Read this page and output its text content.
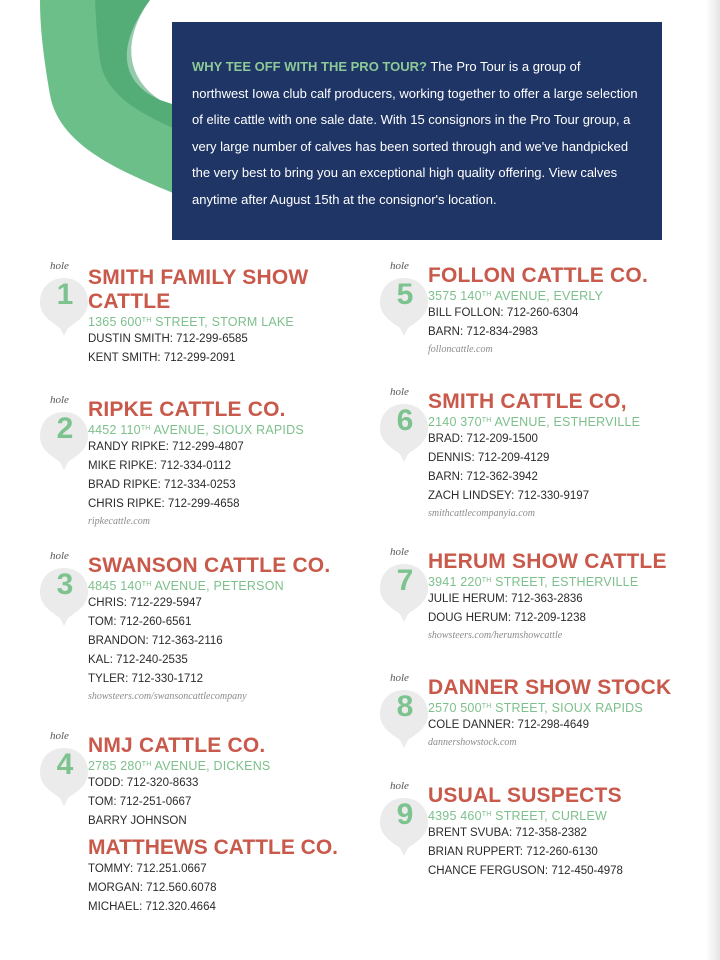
WHY TEE OFF WITH THE PRO TOUR? The Pro Tour is a group of northwest Iowa club calf producers, working together to offer a large selection of elite cattle with one sale date. With 15 consignors in the Pro Tour group, a very large number of calves has been sorted through and we've handpicked the very best to bring you an exceptional high quality offering. View calves anytime after August 15th at the consignor's location.
hole
1
SMITH FAMILY SHOW
CATTLE
1365 600TH STREET, STORM LAKE
DUSTIN SMITH: 712-299-6585
KENT SMITH: 712-299-2091
hole
2
RIPKE CATTLE CO.
4452 110TH AVENUE, SIOUX RAPIDS
RANDY RIPKE: 712-299-4807
MIKE RIPKE: 712-334-0112
BRAD RIPKE: 712-334-0253
CHRIS RIPKE: 712-299-4658
ripkecattle.com
hole
3
SWANSON CATTLE CO.
4845 140TH AVENUE, PETERSON
CHRIS: 712-229-5947
TOM: 712-260-6561
BRANDON: 712-363-2116
KAL: 712-240-2535
TYLER: 712-330-1712
showsteers.com/swansoncattlecompany
hole
4
NMJ CATTLE CO.
2785 280TH AVENUE, DICKENS
TODD: 712-320-8633
TOM: 712-251-0667
BARRY JOHNSON
MATTHEWS CATTLE CO.
TOMMY: 712.251.0667
MORGAN: 712.560.6078
MICHAEL: 712.320.4664
hole
5
FOLLON CATTLE CO.
3575 140TH AVENUE, EVERLY
BILL FOLLON: 712-260-6304
BARN: 712-834-2983
folloncattle.com
hole
6
SMITH CATTLE CO,
2140 370TH AVENUE, ESTHERVILLE
BRAD: 712-209-1500
DENNIS: 712-209-4129
BARN: 712-362-3942
ZACH LINDSEY: 712-330-9197
smithcattlecompanyia.com
hole
7
HERUM SHOW CATTLE
3941 220TH STREET, ESTHERVILLE
JULIE HERUM: 712-363-2836
DOUG HERUM: 712-209-1238
showsteers.com/herumshowcattle
hole
8
DANNER SHOW STOCK
2570 500TH STREET, SIOUX RAPIDS
COLE DANNER: 712-298-4649
dannershowstock.com
hole
9
USUAL SUSPECTS
4395 460TH STREET, CURLEW
BRENT SVUBA: 712-358-2382
BRIAN RUPPERT: 712-260-6130
CHANCE FERGUSON: 712-450-4978
